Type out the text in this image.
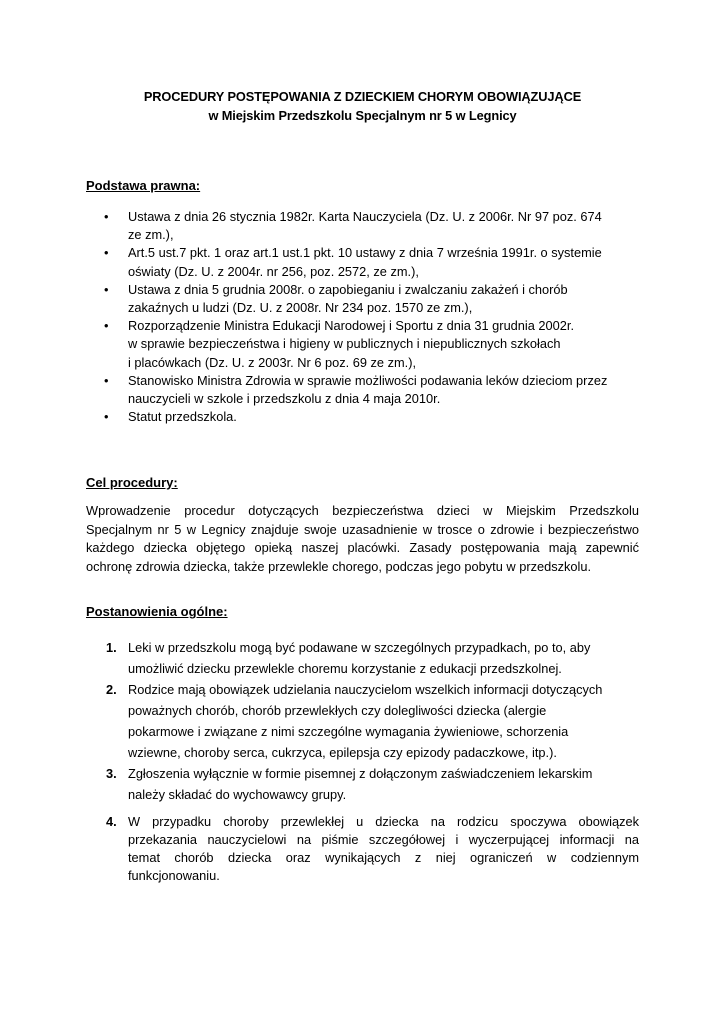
PROCEDURY POSTĘPOWANIA Z DZIECKIEM CHORYM OBOWIĄZUJĄCE
w Miejskim Przedszkolu Specjalnym nr 5 w Legnicy
Podstawa prawna:
• Ustawa z dnia 26 stycznia 1982r. Karta Nauczyciela (Dz. U. z 2006r. Nr 97 poz. 674
ze zm.),
• Art.5 ust.7 pkt. 1 oraz art.1 ust.1 pkt. 10 ustawy z dnia 7 września 1991r. o systemie
oświaty (Dz. U. z 2004r. nr 256, poz. 2572, ze zm.),
• Ustawa z dnia 5 grudnia 2008r. o zapobieganiu i zwalczaniu zakażeń i chorób
zakaźnych u ludzi (Dz. U. z 2008r. Nr 234 poz. 1570 ze zm.),
• Rozporządzenie Ministra Edukacji Narodowej i Sportu z dnia 31 grudnia 2002r.
w sprawie bezpieczeństwa i higieny w publicznych i niepublicznych szkołach
i placówkach (Dz. U. z 2003r. Nr 6 poz. 69 ze zm.),
• Stanowisko Ministra Zdrowia w sprawie możliwości podawania leków dzieciom przez
nauczycieli w szkole i przedszkolu z dnia 4 maja 2010r.
• Statut przedszkola.
Cel procedury:
Wprowadzenie procedur dotyczących bezpieczeństwa dzieci w Miejskim Przedszkolu
Specjalnym nr 5 w Legnicy znajduje swoje uzasadnienie w trosce o zdrowie i bezpieczeństwo
każdego dziecka objętego opieką naszej placówki. Zasady postępowania mają zapewnić
ochronę zdrowia dziecka, także przewlekle chorego, podczas jego pobytu w przedszkolu.
Postanowienia ogólne:
1. Leki w przedszkolu mogą być podawane w szczególnych przypadkach, po to, aby
umożliwić dziecku przewlekle choremu korzystanie z edukacji przedszkolnej.
2. Rodzice mają obowiązek udzielania nauczycielom wszelkich informacji dotyczących
poważnych chorób, chorób przewlekłych czy dolegliwości dziecka (alergie
pokarmowe i związane z nimi szczególne wymagania żywieniowe, schorzenia
wziewne, choroby serca, cukrzyca, epilepsja czy epizody padaczkowe, itp.).
3. Zgłoszenia wyłącznie w formie pisemnej z dołączonym zaświadczeniem lekarskim
należy składać do wychowawcy grupy.
4. W przypadku choroby przewlekłej u dziecka na rodzicu spoczywa obowiązek
przekazania nauczycielowi na piśmie szczegółowej i wyczerpującej informacji na
temat chorób dziecka oraz wynikających z niej ograniczeń w codziennym
funkcjonowaniu.
